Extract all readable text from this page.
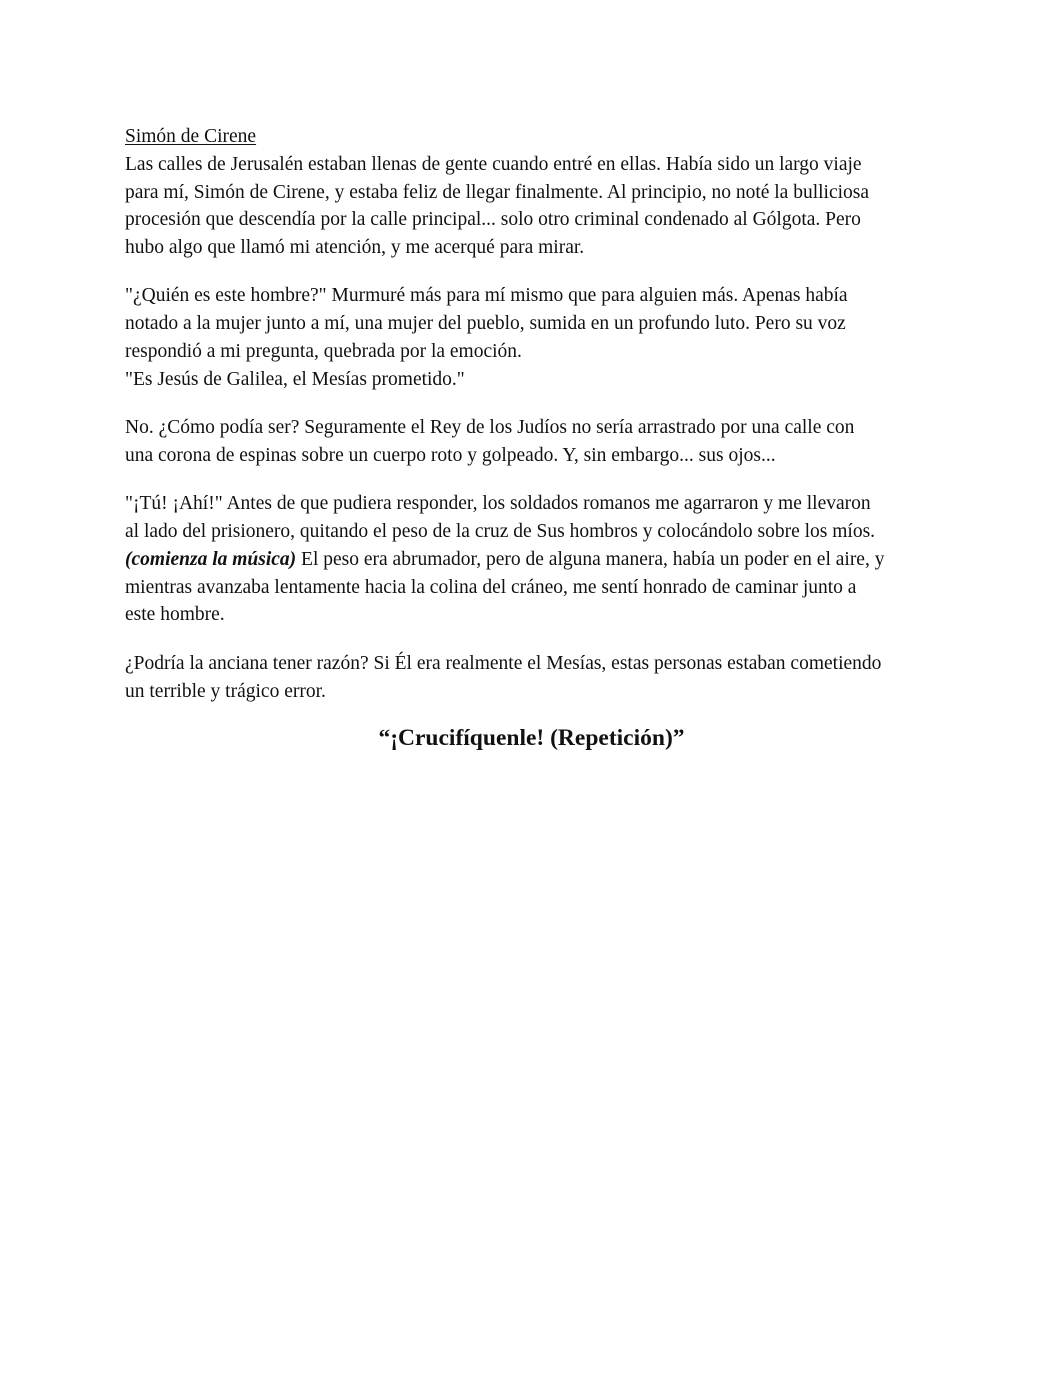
Simón de Cirene

Las calles de Jerusalén estaban llenas de gente cuando entré en ellas. Había sido un largo viaje
para mí, Simón de Cirene, y estaba feliz de llegar finalmente. Al principio, no noté la bulliciosa
procesión que descendía por la calle principal... solo otro criminal condenado al Gólgota. Pero
hubo algo que llamó mi atención, y me acerqué para mirar.

"¿Quién es este hombre?" Murmuré más para mí mismo que para alguien más. Apenas había
notado a la mujer junto a mí, una mujer del pueblo, sumida en un profundo luto. Pero su voz
respondió a mi pregunta, quebrada por la emoción.
"Es Jesús de Galilea, el Mesías prometido."

No. ¿Cómo podía ser? Seguramente el Rey de los Judíos no sería arrastrado por una calle con
una corona de espinas sobre un cuerpo roto y golpeado. Y, sin embargo... sus ojos...

"¡Tú! ¡Ahí!" Antes de que pudiera responder, los soldados romanos me agarraron y me llevaron
al lado del prisionero, quitando el peso de la cruz de Sus hombros y colocándolo sobre los míos.
(comienza la música) El peso era abrumador, pero de alguna manera, había un poder en el aire, y
mientras avanzaba lentamente hacia la colina del cráneo, me sentí honrado de caminar junto a
este hombre.

¿Podría la anciana tener razón? Si Él era realmente el Mesías, estas personas estaban cometiendo
un terrible y trágico error.

“¡Crucifíquenle! (Repetición)”
